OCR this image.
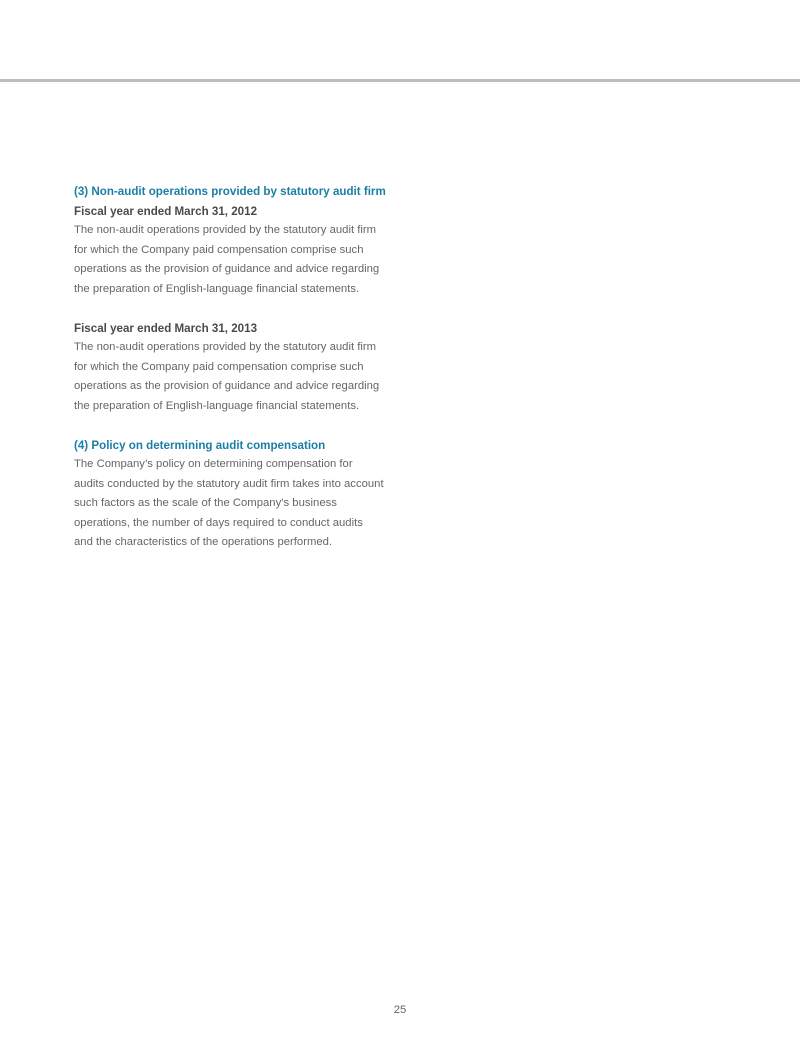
(3) Non-audit operations provided by statutory audit firm

Fiscal year ended March 31, 2012

The non-audit operations provided by the statutory audit firm for which the Company paid compensation comprise such operations as the provision of guidance and advice regarding the preparation of English-language financial statements.

Fiscal year ended March 31, 2013

The non-audit operations provided by the statutory audit firm for which the Company paid compensation comprise such operations as the provision of guidance and advice regarding the preparation of English-language financial statements.

(4) Policy on determining audit compensation

The Company’s policy on determining compensation for audits conducted by the statutory audit firm takes into account such factors as the scale of the Company’s business operations, the number of days required to conduct audits and the characteristics of the operations performed.

25
